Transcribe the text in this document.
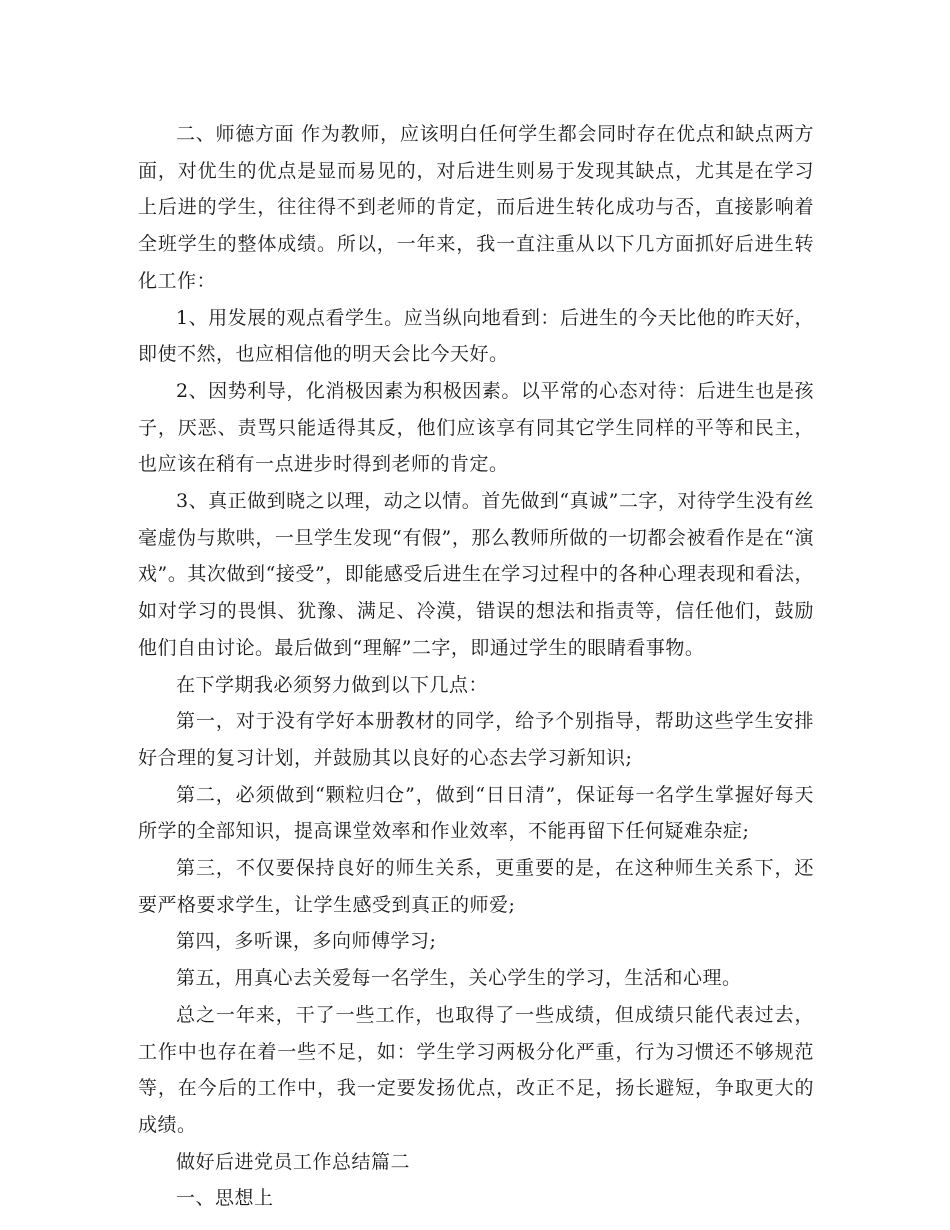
二、师德方面 作为教师，应该明白任何学生都会同时存在优点和缺点两方面，对优生的优点是显而易见的，对后进生则易于发现其缺点，尤其是在学习上后进的学生，往往得不到老师的肯定，而后进生转化成功与否，直接影响着全班学生的整体成绩。所以，一年来，我一直注重从以下几方面抓好后进生转化工作：

1、用发展的观点看学生。应当纵向地看到：后进生的今天比他的昨天好，即使不然，也应相信他的明天会比今天好。

2、因势利导，化消极因素为积极因素。以平常的心态对待：后进生也是孩子，厌恶、责骂只能适得其反，他们应该享有同其它学生同样的平等和民主，也应该在稍有一点进步时得到老师的肯定。

3、真正做到晓之以理，动之以情。首先做到“真诚”二字，对待学生没有丝毫虚伪与欺哄，一旦学生发现“有假”，那么教师所做的一切都会被看作是在“演戏”。其次做到“接受”，即能感受后进生在学习过程中的各种心理表现和看法，如对学习的畏惧、犹豫、满足、冷漠，错误的想法和指责等，信任他们，鼓励他们自由讨论。最后做到“理解”二字，即通过学生的眼睛看事物。

在下学期我必须努力做到以下几点：

第一，对于没有学好本册教材的同学，给予个别指导，帮助这些学生安排好合理的复习计划，并鼓励其以良好的心态去学习新知识;

第二，必须做到“颗粒归仓”，做到“日日清”，保证每一名学生掌握好每天所学的全部知识，提高课堂效率和作业效率，不能再留下任何疑难杂症;

第三，不仅要保持良好的师生关系，更重要的是，在这种师生关系下，还要严格要求学生，让学生感受到真正的师爱;

第四，多听课，多向师傅学习;

第五，用真心去关爱每一名学生，关心学生的学习，生活和心理。

总之一年来，干了一些工作，也取得了一些成绩，但成绩只能代表过去，工作中也存在着一些不足，如：学生学习两极分化严重，行为习惯还不够规范等，在今后的工作中，我一定要发扬优点，改正不足，扬长避短，争取更大的成绩。

做好后进党员工作总结篇二

一、思想上
